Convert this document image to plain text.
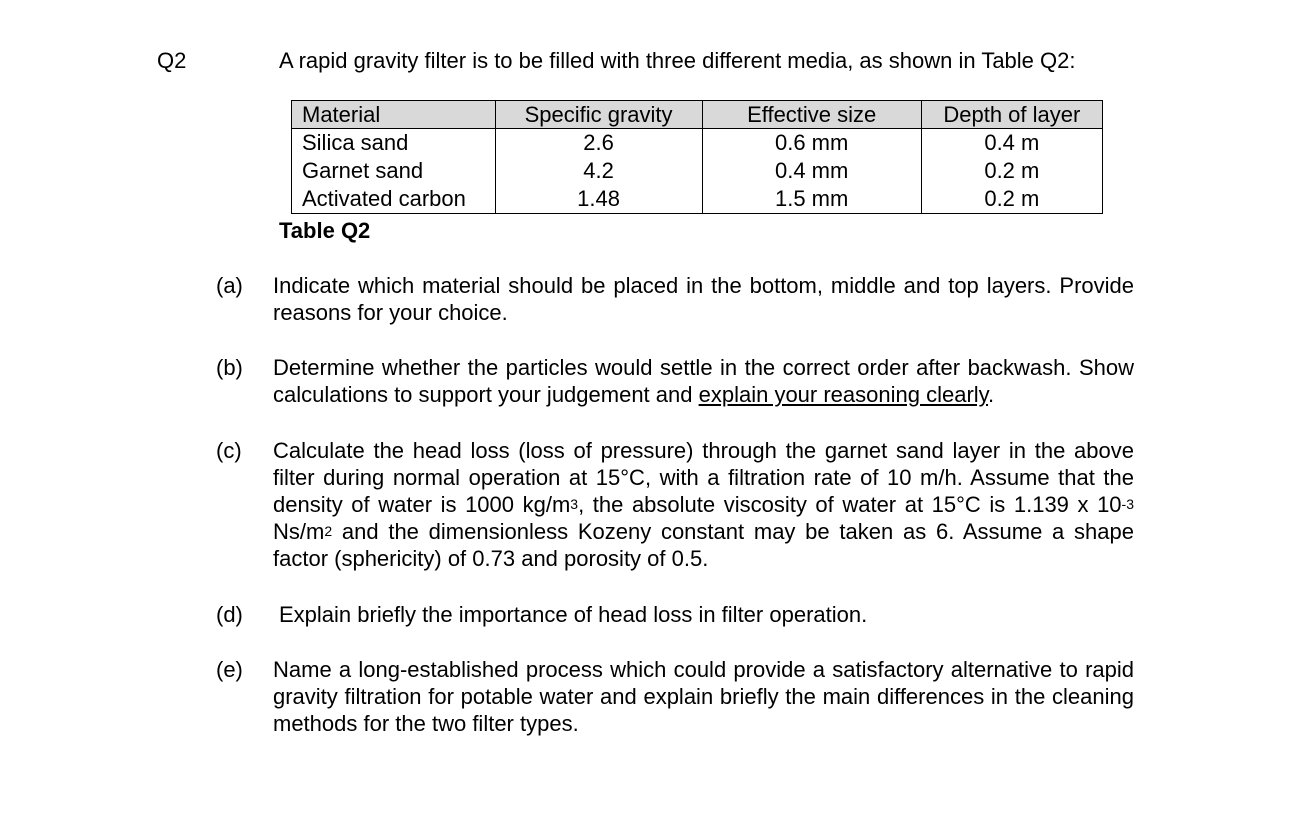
Q2	A rapid gravity filter is to be filled with three different media, as shown in Table Q2:
Material	Specific gravity	Effective size	Depth of layer
Silica sand	2.6	0.6 mm	0.4 m
Garnet sand	4.2	0.4 mm	0.2 m
Activated carbon	1.48	1.5 mm	0.2 m
Table Q2
(a) Indicate which material should be placed in the bottom, middle and top layers. Provide reasons for your choice.
(b) Determine whether the particles would settle in the correct order after backwash. Show calculations to support your judgement and explain your reasoning clearly.
(c) Calculate the head loss (loss of pressure) through the garnet sand layer in the above filter during normal operation at 15°C, with a filtration rate of 10 m/h. Assume that the density of water is 1000 $kg/m^3$, the absolute viscosity of water at 15°C is 1.139 x $10^{-3}$ $Ns/m^2$ and the dimensionless Kozeny constant may be taken as 6. Assume a shape factor (sphericity) of 0.73 and porosity of 0.5.
(d) Explain briefly the importance of head loss in filter operation.
(e) Name a long-established process which could provide a satisfactory alternative to rapid gravity filtration for potable water and explain briefly the main differences in the cleaning methods for the two filter types.
